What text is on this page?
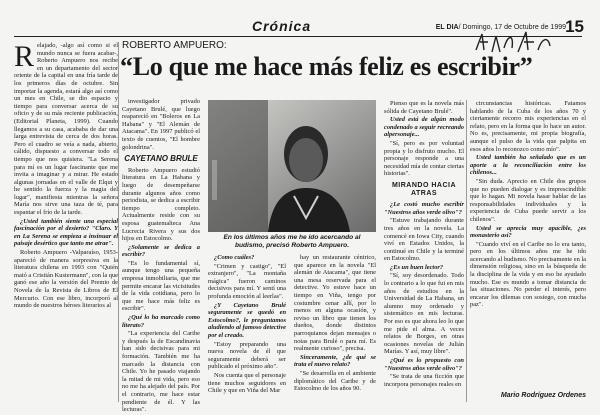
Crónica	EL DIA/ Domingo, 17 de Octubre de 1999 15

Relajado, -algo así como si el mundo nunca se fuera acabar-, Roberto Ampuero nos recibe en un departamento del sector oriente de la capital en una fría tarde de los primeros días de octubre. Sin importar la agenda, estará algo así como un mes en Chile, se dio espacio y tiempo para conversar acerca de su oficio y de su más reciente publicación, (Editorial Planeta, 1999). Cuando llegamos a su casa, acababa de dar una larga entrevista de cerca de dos horas. Pero el cuadro se veía a nada, abierto, cálido, dispuesto a conversar todo el tiempo que nos quisiera. "La Serena para mí es un lugar fascinante que me invita a imaginar y a mirar. He estado algunas jornadas en el valle de Elqui y he sentido la fuerza y la magia del lugar", manifiesta mientras la señora María nos sirve una taza de té, para espantar el frío de la tarde.

¿Usted también siente una especial fascinación por el desierto? "Claro. Y en La Serena se empieza a insinuar el paisaje desértico que tanto me atrae".

Roberto Ampuero -Valparaíso, 1953- apareció de manera sorpresiva en la literatura chilena en 1993 con "Quién mató a Cristián Kustermann", con la que ganó ese año la versión del Premio de Novela de la Revista de Libros de El Mercurio. Con ese libro, incorporó al mundo de nuestros héroes literarios al

ROBERTO AMPUERO:
“Lo que me hace más feliz es escribir”

investigador privado Cayetano Brulé, que luego reapareció en "Boleros en La Habana" y "El Alemán de Atacama". En 1997 publicó el texto de cuentos, "El hombre golondrina".

CAYETANO BRULE

Roberto Ampuero estudió literatura en La Habana y luego de desempeñarse durante algunos años como periodista, se dedica a escribir tiempo completo. Actualmente reside con su esposa guatemalteca Ana Lucrecia Rivera y sus dos hijos en Estocolmo.

¿Solamente se dedica a escribir?

"Es lo fundamental sí, aunque tengo una pequeña empresa inmobiliaria, que me permite encarar las vicisitudes de la vida cotidiana, pero lo que me hace más feliz es escribir".

¿Qué lo ha marcado como literato?

"La experiencia del Caribe y después la de Escandinavia han sido decisivas para mi formación. También me ha marcado la distancia con Chile. Yo he pasado viajando la mitad de mi vida, pero eso no me ha alejado del país. Por el contrario, me hace estar pendiente de él. Y las lecturas".

En los últimos años me he ido acercando al budismo, precisó Roberto Ampuero.

¿Como cuáles?

"Crimen y castigo", "El extranjero", "La montaña mágica" fueron caminos decisivos para mí. Y sentí una profunda emoción al leerlas".

¿Y Cayetano Brulé seguramente se quedó en Estocolmo?, le preguntamos aludiendo al famoso detective por el creado.

"Estoy preparando una nueva novela de él que seguramente deberá ser publicado el próximo año".

Nos cuenta que el personaje tiene muchos seguidores en Chile y que en Viña del Mar

hay un restaurante céntrico, que aparece en la novela "El alemán de Atacama", que tiene una mesa reservada para el detective. Yo estuve hace un tiempo en Viña, tengo por costumbre cenar allí, por lo menos en alguna ocasión, y reviso un libro que tienen los dueños, donde distintos parroquianos dejan mensajes o notas para Brulé o para mí. Es realmente curioso", precisa.

Sinceramente, ¿de qué se trata el nuevo relato?

"Se desarrolla en el ambiente diplomático del Caribe y de Estocolmo de los años 90.

Pienso que es la novela más sólida de Cayetano Brulé".

Usted está de algún modo condenado a seguir recreando alpersonaje...

"Sí, pero es por voluntad propia y lo disfruto mucho. El personaje responde a una necesidad mía de contar ciertas historias".

MIRANDO HACIA ATRAS

¿Le costó mucho escribir "Nuestros años verde olivo"?

"Estuve trabajando durante tres años en la novela. La comencé en Iowa City, cuando viví en Estados Unidos, la continué en Chile y la terminé en Estocolmo.

¿Es un buen lector?

"Sí, soy desordenado. Todo lo contrario a lo que fui en mis años de estudios en la Universidad de La Habana, un alumno muy ordenado y sistemático en mis lecturas. Por eso es que ahora leo lo que me pide el alma. A veces relatos de Borges, en otras ocasiones novelas de Julián Marías. Y así, muy libre".

¿Qué es lo propuesto con "Nuestros años verde olivo"?

"Se trata de una ficción que incorpora personajes reales en

circunstancias históricas. Fatamos hablando de la Cuba de los años 70 y ciertamente recorro mis experiencias en el relato, pero en la forma que lo hace un autor. No es, precisamente, mi propia biografía, aunque el pulso de la vida que palpita en esos años lo reconozco como mío".

Usted también ha señalado que es un aporte a la reconciliación entre los chilenos...

"Sin duda. Aprecio en Chile dos grupos que no pueden dialogar y es imprescindible que lo hagan. Mi novela hasar hablar de las responsabilidades individuales y la experiencia de Cuba puede servir a los chilenos".

Usted se aprecia muy apacible, ¿es monasterio así?

"Cuando viví en el Caribe no lo era tanto, pero en los últimos años me he ido acercando al budismo. No precisamente en la dimensión religiosa, sino en la búsqueda de la disciplina de la vida y en eso he ayudado mucho. Ese es mundo a tomar distancia de las situaciones. No perder el interés, pero encarar los dilemas con sosiego, con mucha paz".

Mario Rodríguez Ordenes
